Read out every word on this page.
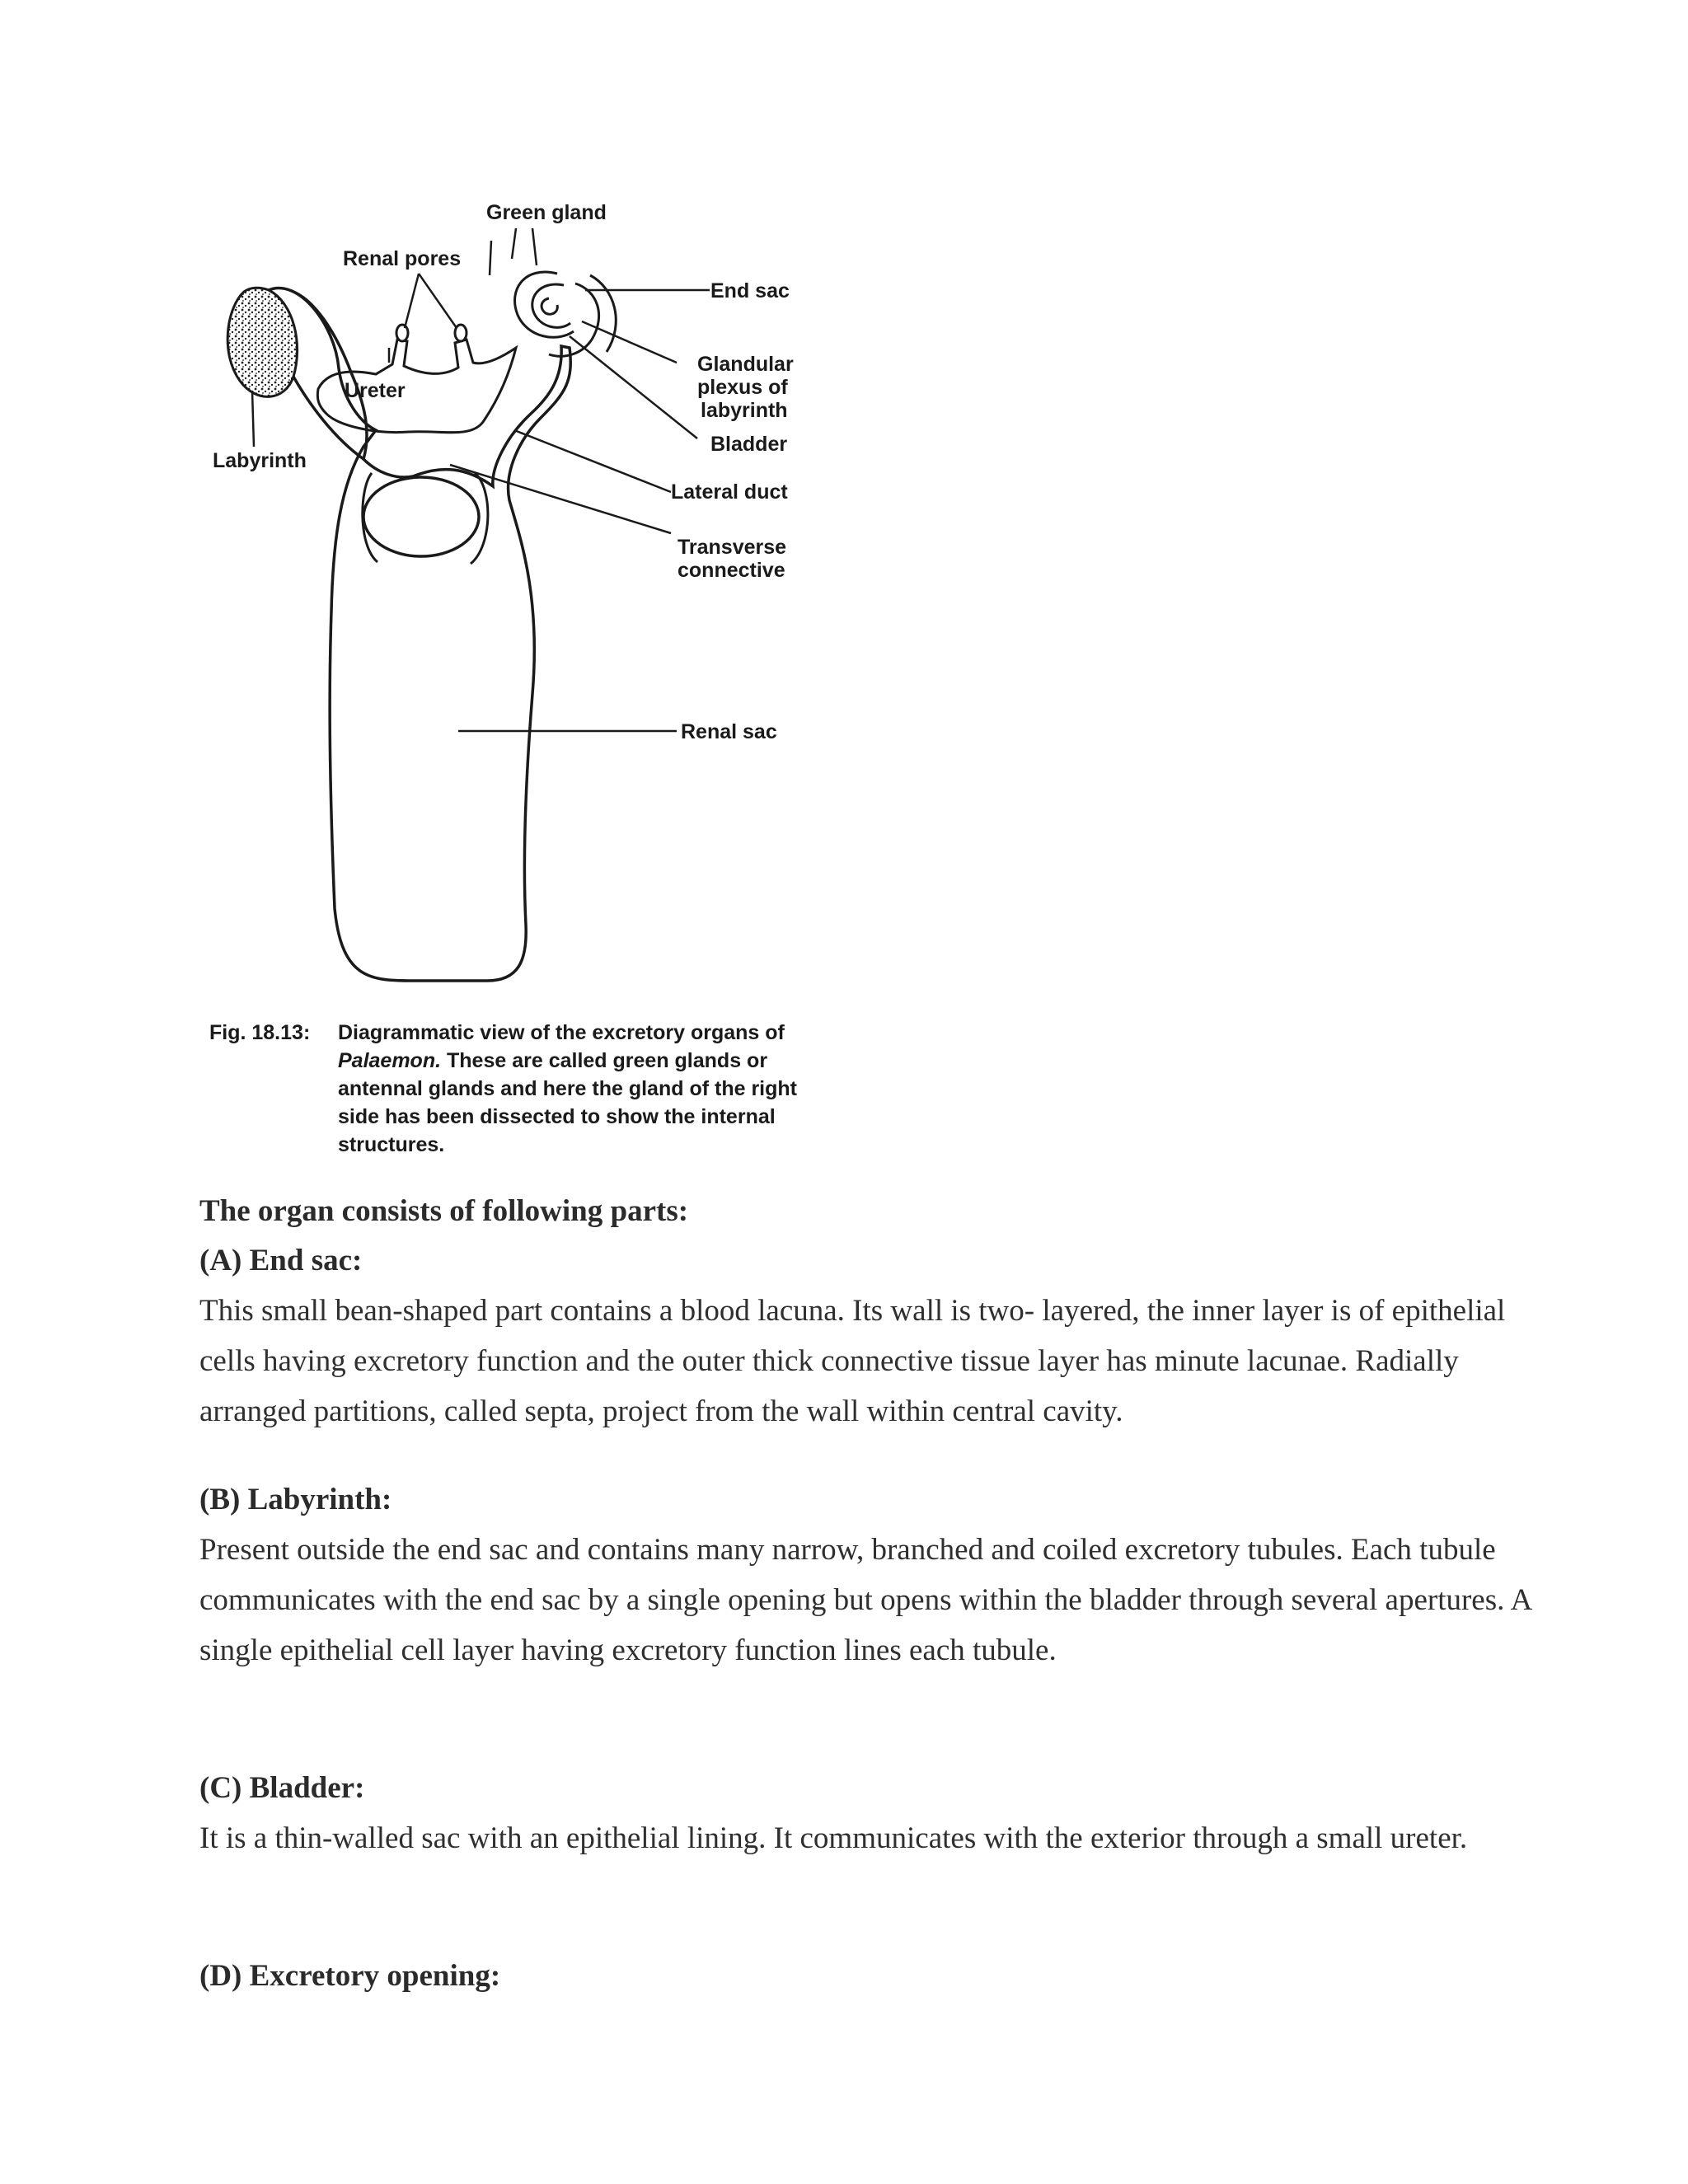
Green gland
Renal pores
End sac
Glandular
plexus of
labyrinth
Ureter
Labyrinth
Bladder
Lateral duct
Transverse
connective
Renal sac
Fig. 18.13: Diagrammatic view of the excretory organs of Palaemon. These are called green glands or antennal glands and here the gland of the right side has been dissected to show the internal structures.
The organ consists of following parts:
(A) End sac:
This small bean-shaped part contains a blood lacuna. Its wall is two- layered, the inner layer is of epithelial cells having excretory function and the outer thick connective tissue layer has minute lacunae. Radially arranged partitions, called septa, project from the wall within central cavity.
(B) Labyrinth:
Present outside the end sac and contains many narrow, branched and coiled excretory tubules. Each tubule communicates with the end sac by a single opening but opens within the bladder through several apertures. A single epithelial cell layer having excretory function lines each tubule.
(C) Bladder:
It is a thin-walled sac with an epithelial lining. It communicates with the exterior through a small ureter.
(D) Excretory opening:
